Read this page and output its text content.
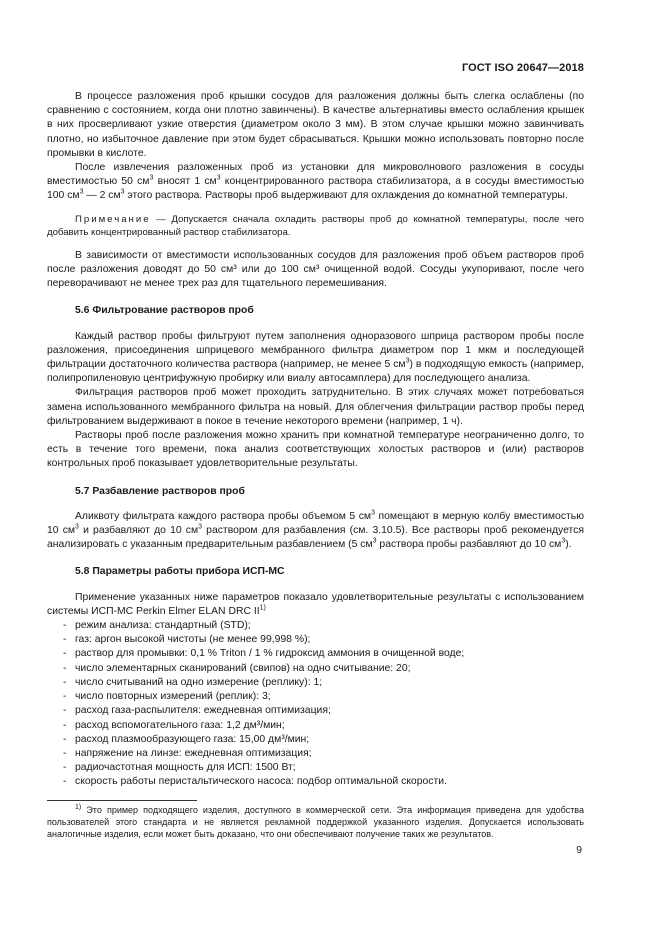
ГОСТ ISO 20647—2018

В процессе разложения проб крышки сосудов для разложения должны быть слегка ослаблены (по сравнению с состоянием, когда они плотно завинчены). В качестве альтернативы вместо ослабления крышек в них просверливают узкие отверстия (диаметром около 3 мм). В этом случае крышки можно завинчивать плотно, но избыточное давление при этом будет сбрасываться. Крышки можно использовать повторно после промывки в кислоте.

После извлечения разложенных проб из установки для микроволнового разложения в сосуды вместимостью 50 $см^3$ вносят 1 $см^3$ концентрированного раствора стабилизатора, а в сосуды вместимостью 100 $см^3$ — 2 $см^3$ этого раствора. Растворы проб выдерживают для охлаждения до комнатной температуры.

Примечание — Допускается сначала охладить растворы проб до комнатной температуры, после чего добавить концентрированный раствор стабилизатора.

В зависимости от вместимости использованных сосудов для разложения проб объем растворов проб после разложения доводят до 50 см³ или до 100 см³ очищенной водой. Сосуды укупоривают, после чего переворачивают не менее трех раз для тщательного перемешивания.

5.6 Фильтрование растворов проб

Каждый раствор пробы фильтруют путем заполнения одноразового шприца раствором пробы после разложения, присоединения шприцевого мембранного фильтра диаметром пор 1 мкм и последующей фильтрации достаточного количества раствора (например, не менее 5 $см^3$) в подходящую емкость (например, полипропиленовую центрифужную пробирку или виалу автосамплера) для последующего анализа.

Фильтрация растворов проб может проходить затруднительно. В этих случаях может потребоваться замена использованного мембранного фильтра на новый. Для облегчения фильтрации раствор пробы перед фильтрованием выдерживают в покое в течение некоторого времени (например, 1 ч).

Растворы проб после разложения можно хранить при комнатной температуре неограниченно долго, то есть в течение того времени, пока анализ соответствующих холостых растворов и (или) растворов контрольных проб показывает удовлетворительные результаты.

5.7 Разбавление растворов проб

Аликвоту фильтрата каждого раствора пробы объемом 5 $см^3$ помещают в мерную колбу вместимостью 10 $см^3$ и разбавляют до 10 $см^3$ раствором для разбавления (см. 3.10.5). Все растворы проб рекомендуется анализировать с указанным предварительным разбавлением (5 $см^3$ раствора пробы разбавляют до 10 $см^3$).

5.8 Параметры работы прибора ИСП-МС

Применение указанных ниже параметров показало удовлетворительные результаты с использованием системы ИСП-МС Perkin Elmer ELAN DRC II$^{1)}$

- режим анализа: стандартный (STD);
- газ: аргон высокой чистоты (не менее 99,998 %);
- раствор для промывки: 0,1 % Triton / 1 % гидроксид аммония в очищенной воде;
- число элементарных сканирований (свипов) на одно считывание: 20;
- число считываний на одно измерение (реплику): 1;
- число повторных измерений (реплик): 3;
- расход газа-распылителя: ежедневная оптимизация;
- расход вспомогательного газа: 1,2 дм³/мин;
- расход плазмообразующего газа: 15,00 дм³/мин;
- напряжение на линзе: ежедневная оптимизация;
- радиочастотная мощность для ИСП: 1500 Вт;
- скорость работы перистальтического насоса: подбор оптимальной скорости.

$^{1)}$ Это пример подходящего изделия, доступного в коммерческой сети. Эта информация приведена для удобства пользователей этого стандарта и не является рекламной поддержкой указанного изделия. Допускается использовать аналогичные изделия, если может быть доказано, что они обеспечивают получение таких же результатов.

9
